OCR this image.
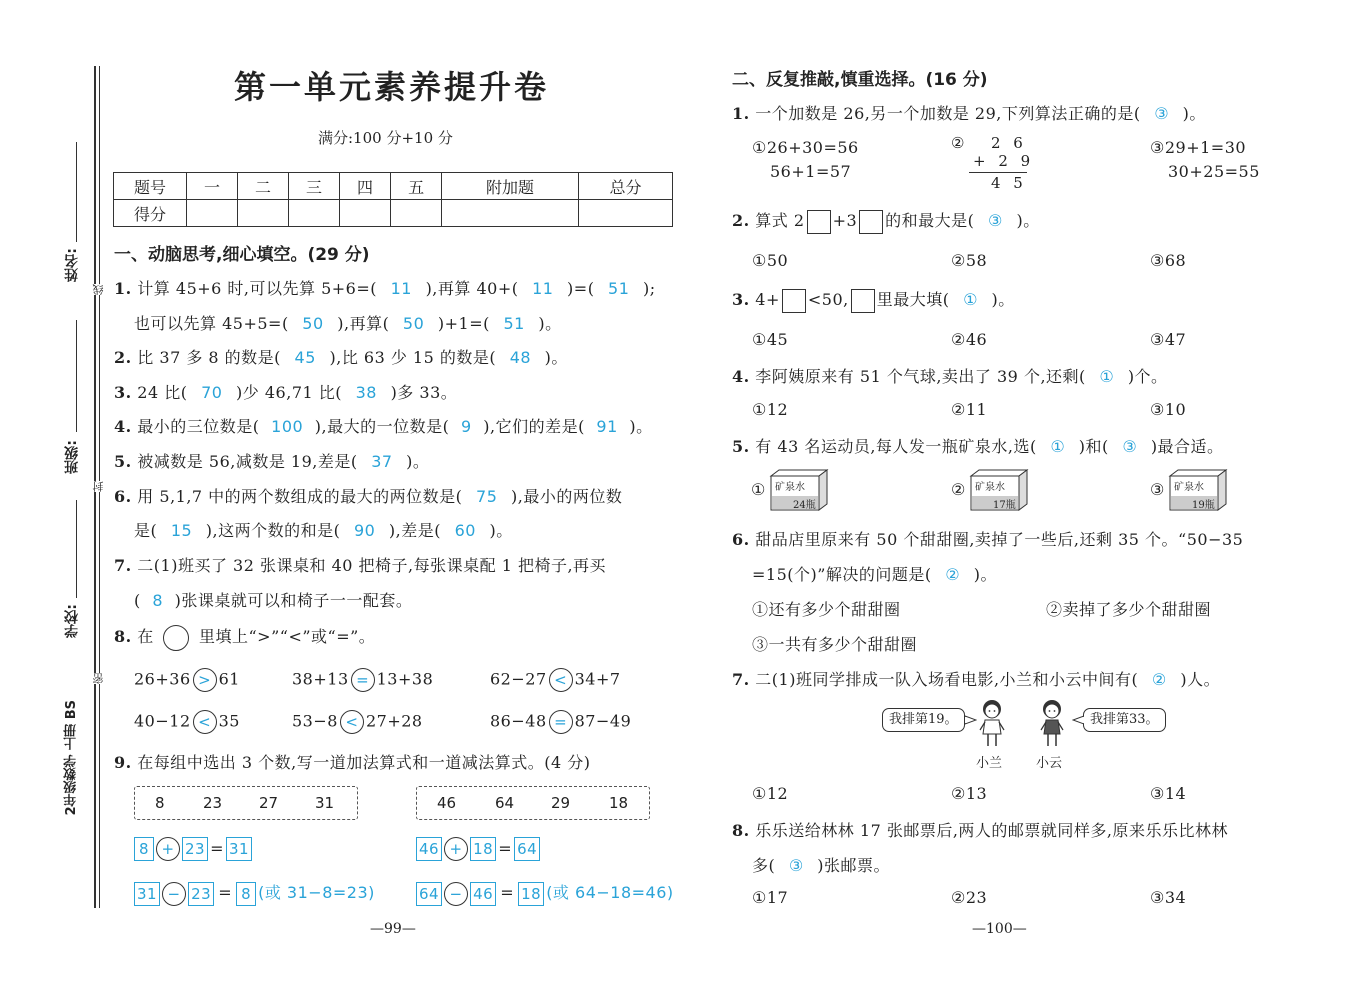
线
封
密
姓名:
班级:
学校:
2年级数学 上册 BS
第一单元素养提升卷
满分:100 分+10 分
题号	一	二	三	四	五	附加题	总分
得分							
一、动脑思考,细心填空。(29 分)
1. 计算 45+6 时,可以先算 5+6=( 11 ),再算 40+( 11 )=( 51 );
也可以先算 45+5=( 50 ),再算( 50 )+1=( 51 )。
2. 比 37 多 8 的数是( 45 ),比 63 少 15 的数是( 48 )。
3. 24 比( 70 )少 46,71 比( 38 )多 33。
4. 最小的三位数是( 100 ),最大的一位数是( 9 ),它们的差是( 91 )。
5. 被减数是 56,减数是 19,差是( 37 )。
6. 用 5,1,7 中的两个数组成的最大的两位数是( 75 ),最小的两位数
是( 15 ),这两个数的和是( 90 ),差是( 60 )。
7. 二(1)班买了 32 张课桌和 40 把椅子,每张课桌配 1 把椅子,再买
( 8 )张课桌就可以和椅子一一配套。
8. 在	里填上“>”“<”或“=”。
26+36 > 61	38+13 = 13+38	62−27 < 34+7
40−12 < 35	53−8 < 27+28	86−48 = 87−49
9. 在每组中选出 3 个数,写一道加法算式和一道减法算式。(4 分)
8	23 27 31	46	64 29	18
8 + 23 = 31
31 − 23 = 8 (或 31−8=23)
46 + 18 = 64
64 − 46 = 18 (或 64−18=46)
—99—
二、反复推敲,慎重选择。(16 分)
1. 一个加数是 26,另一个加数是 29,下列算法正确的是( ③ )。
①26+30=56
56+1=57
② 2 6
+ 2 9
4 5
③29+1=30
30+25=55
2. 算式 2 +3 的和最大是( ③ )。
①50	②58	③68
3. 4+ <50, 里最大填( ① )。
①45	②46	③47
4. 李阿姨原来有 51 个气球,卖出了 39 个,还剩( ① )个。
①12	②11	③10
5. 有 43 名运动员,每人发一瓶矿泉水,选( ① )和( ③ )最合适。
① 矿泉水
24瓶
② 矿泉水
17瓶
③ 矿泉水
19瓶
6. 甜品店里原来有 50 个甜甜圈,卖掉了一些后,还剩 35 个。“50−35
=15(个)”解决的问题是( ② )。
①还有多少个甜甜圈	②卖掉了多少个甜甜圈
③一共有多少个甜甜圈
7. 二(1)班同学排成一队入场看电影,小兰和小云中间有( ② )人。
我排第19。	我排第33。
小兰	小云
①12	②13	③14
8. 乐乐送给林林 17 张邮票后,两人的邮票就同样多,原来乐乐比林林
多( ③ )张邮票。
①17	②23	③34
—100—
